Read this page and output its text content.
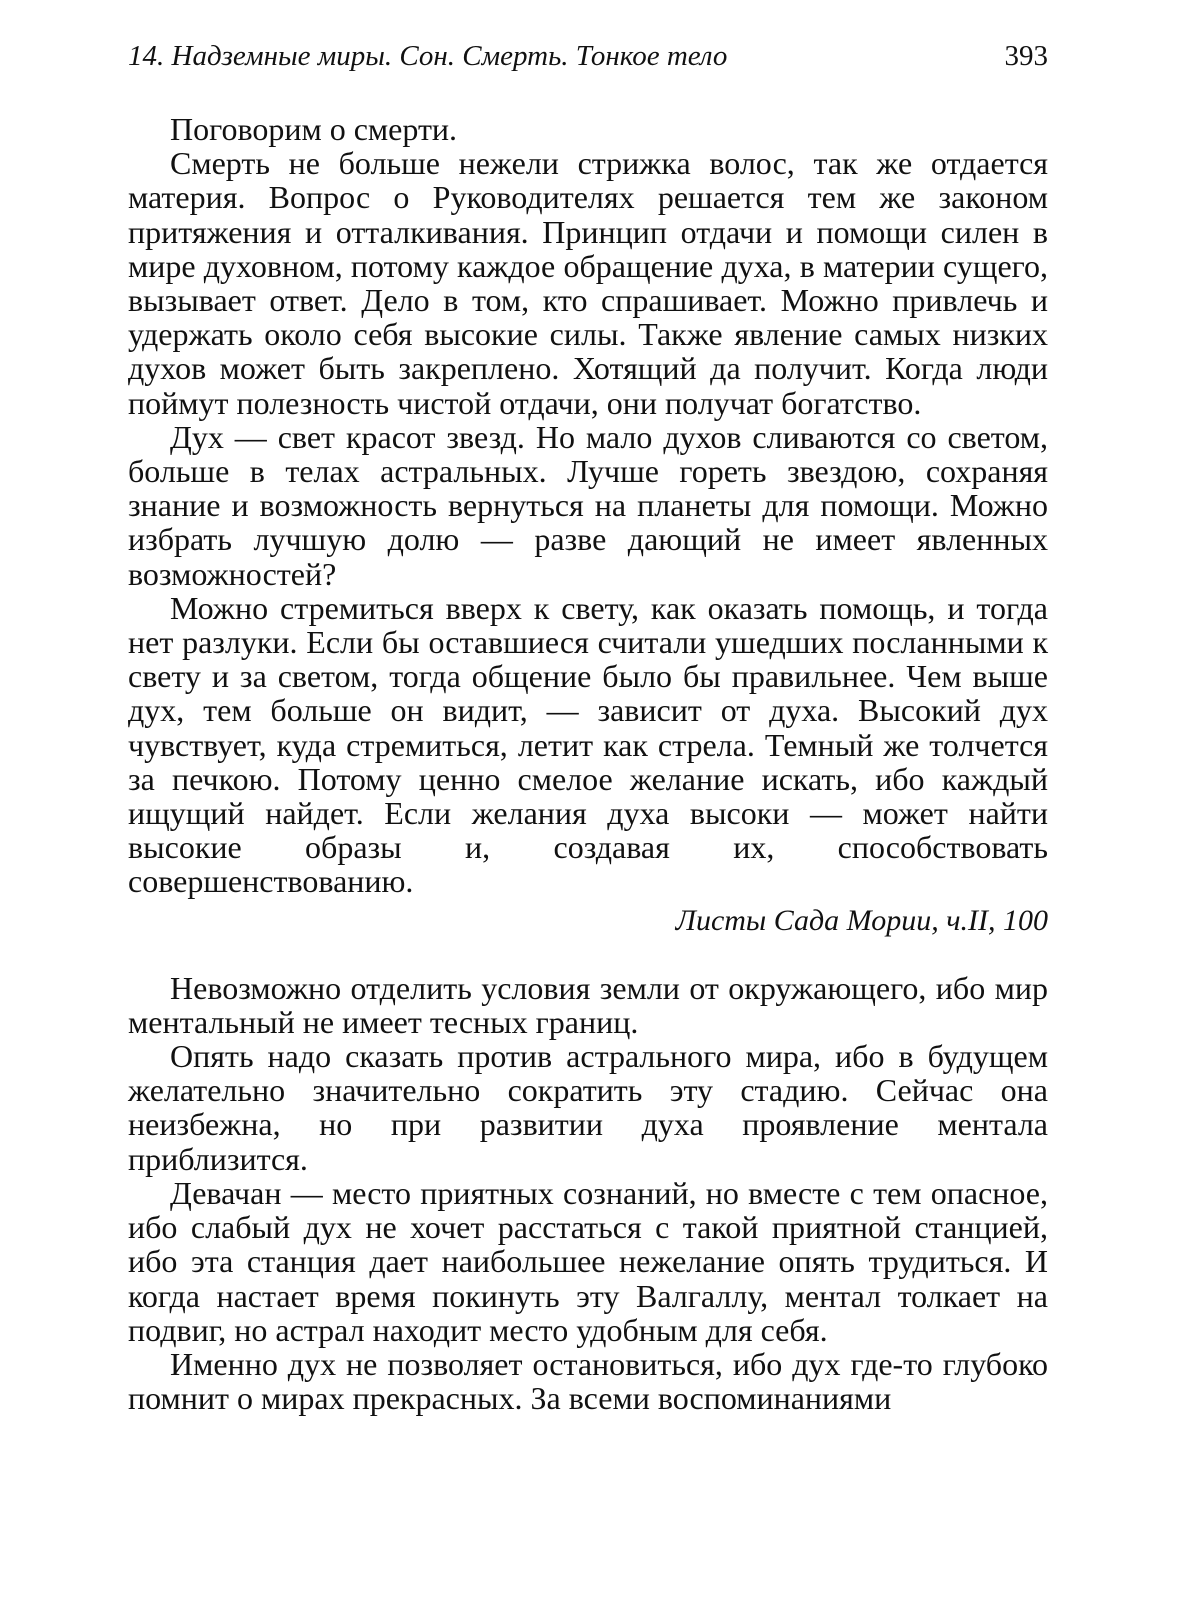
14. Надземные миры. Сон. Смерть. Тонкое тело	393

Поговорим о смерти.

Смерть не больше нежели стрижка волос, так же отдается материя. Вопрос о Руководителях решается тем же законом притяжения и отталкивания. Принцип отдачи и помощи силен в мире духовном, потому каждое обращение духа, в материи сущего, вызывает ответ. Дело в том, кто спрашивает. Можно привлечь и удержать около себя высокие силы. Также явление самых низких духов может быть закреплено. Хотящий да получит. Когда люди поймут полезность чистой отдачи, они получат богатство.

Дух — свет красот звезд. Но мало духов сливаются со светом, больше в телах астральных. Лучше гореть звездою, сохраняя знание и возможность вернуться на планеты для помощи. Можно избрать лучшую долю — разве дающий не имеет явленных возможностей?

Можно стремиться вверх к свету, как оказать помощь, и тогда нет разлуки. Если бы оставшиеся считали ушедших посланными к свету и за светом, тогда общение было бы правильнее. Чем выше дух, тем больше он видит, — зависит от духа. Высокий дух чувствует, куда стремиться, летит как стрела. Темный же толчется за печкою. Потому ценно смелое желание искать, ибо каждый ищущий найдет. Если желания духа высоки — может найти высокие образы и, создавая их, способствовать совершенствованию.

Листы Сада Мории, ч.II, 100

Невозможно отделить условия земли от окружающего, ибо мир ментальный не имеет тесных границ.

Опять надо сказать против астрального мира, ибо в будущем желательно значительно сократить эту стадию. Сейчас она неизбежна, но при развитии духа проявление ментала приблизится.

Девачан — место приятных сознаний, но вместе с тем опасное, ибо слабый дух не хочет расстаться с такой приятной станцией, ибо эта станция дает наибольшее нежелание опять трудиться. И когда настает время покинуть эту Валгаллу, ментал толкает на подвиг, но астрал находит место удобным для себя.

Именно дух не позволяет остановиться, ибо дух где-то глубоко помнит о мирах прекрасных. За всеми воспоминаниями
